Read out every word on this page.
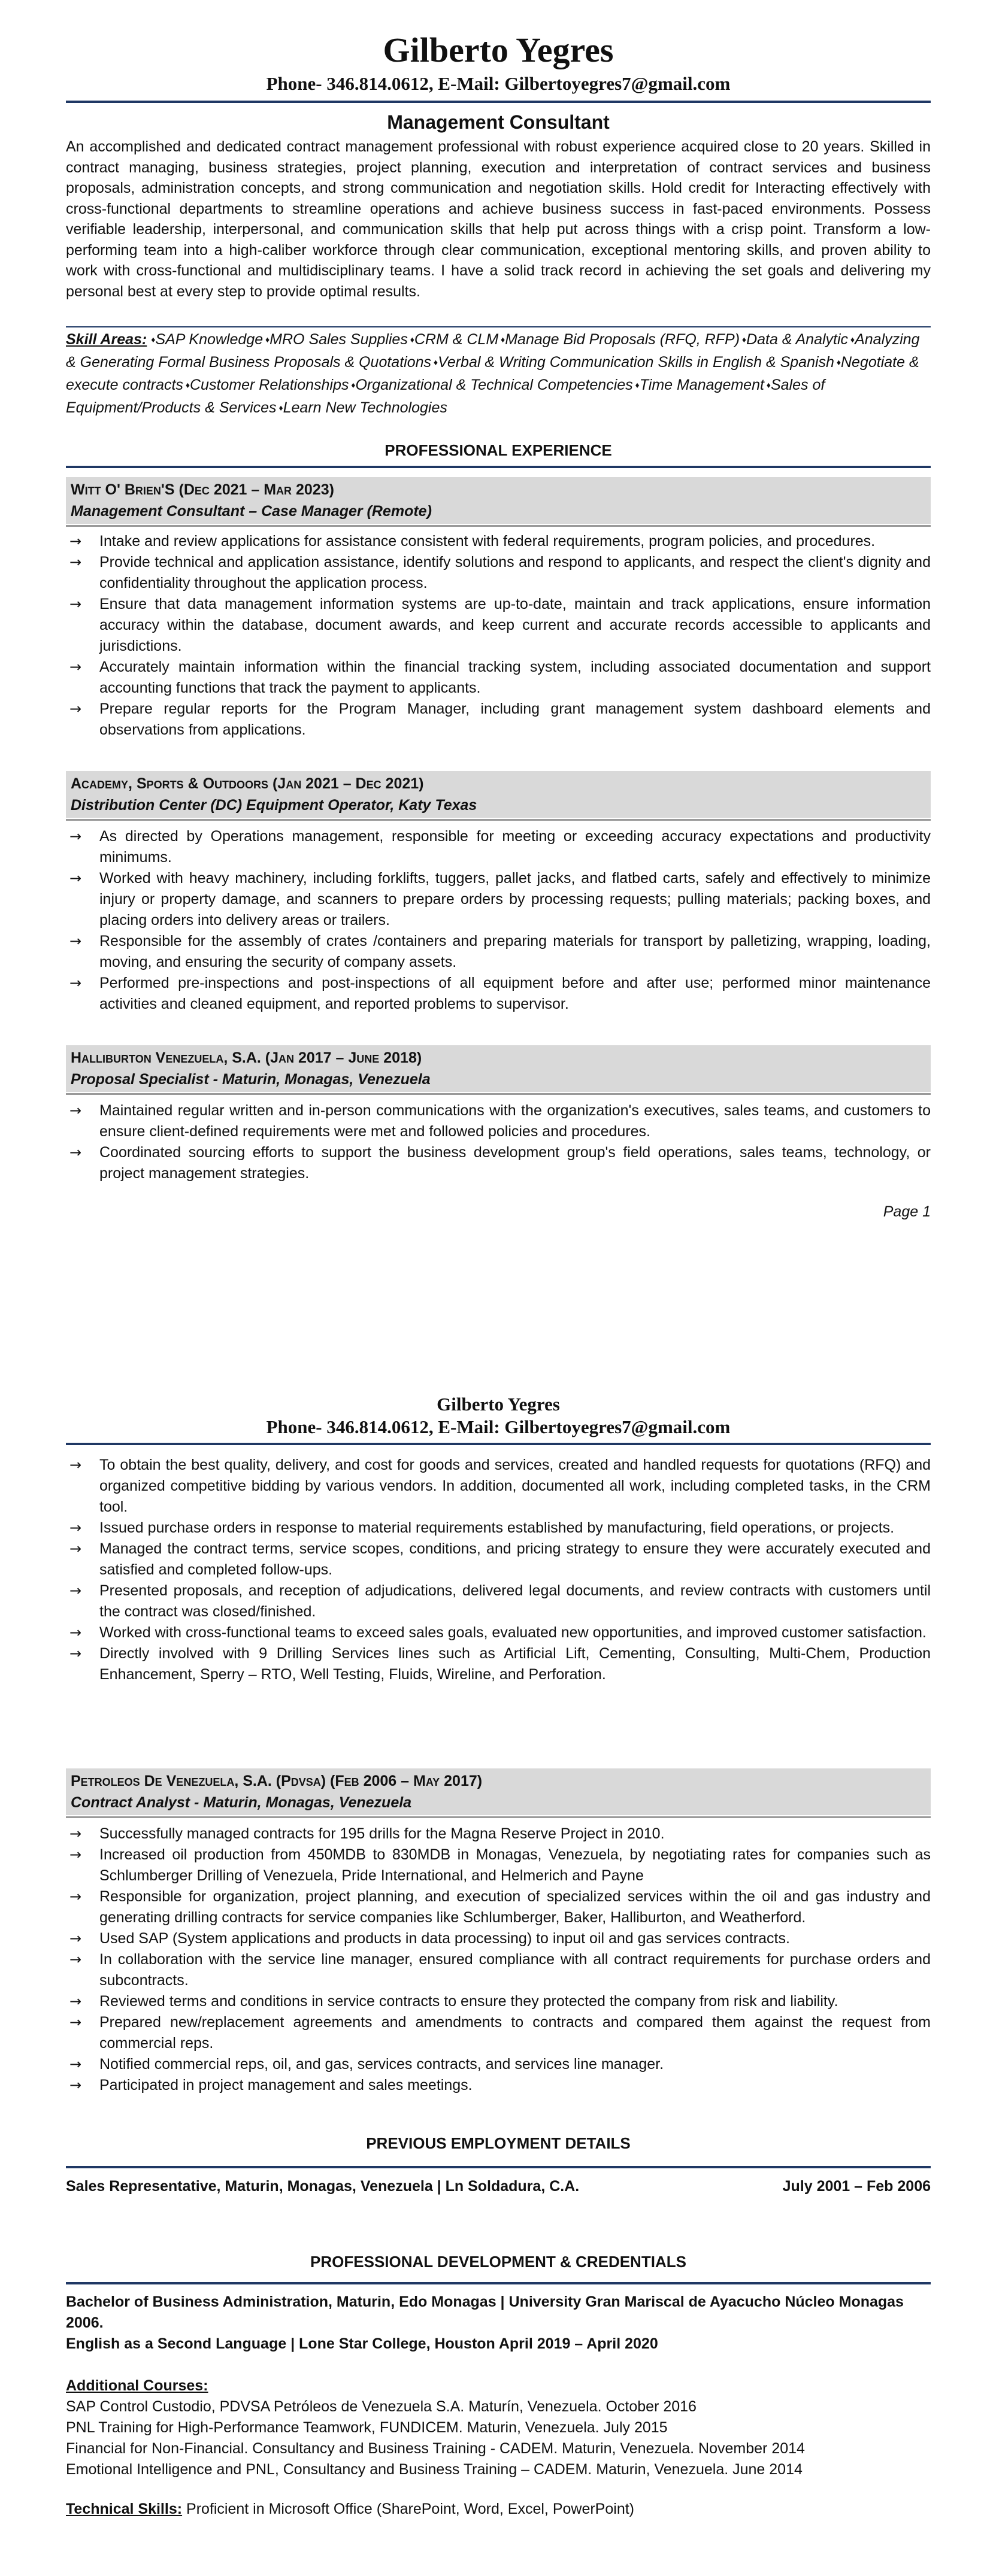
Gilberto Yegres
Phone- 346.814.0612, E-Mail: Gilbertoyegres7@gmail.com
Management Consultant
An accomplished and dedicated contract management professional with robust experience acquired close to 20 years. Skilled in contract managing, business strategies, project planning, execution and interpretation of contract services and business proposals, administration concepts, and strong communication and negotiation skills. Hold credit for Interacting effectively with cross-functional departments to streamline operations and achieve business success in fast-paced environments. Possess verifiable leadership, interpersonal, and communication skills that help put across things with a crisp point. Transform a low-performing team into a high-caliber workforce through clear communication, exceptional mentoring skills, and proven ability to work with cross-functional and multidisciplinary teams. I have a solid track record in achieving the set goals and delivering my personal best at every step to provide optimal results.
Skill Areas: ♦SAP Knowledge ♦MRO Sales Supplies ♦CRM & CLM ♦Manage Bid Proposals (RFQ, RFP) ♦Data & Analytic ♦Analyzing & Generating Formal Business Proposals & Quotations ♦Verbal & Writing Communication Skills in English & Spanish ♦Negotiate & execute contracts ♦Customer Relationships ♦Organizational & Technical Competencies ♦Time Management ♦Sales of Equipment/Products & Services ♦Learn New Technologies
PROFESSIONAL EXPERIENCE
Witt O' Brien'S (Dec 2021 – Mar 2023)
Management Consultant – Case Manager (Remote)
→ Intake and review applications for assistance consistent with federal requirements, program policies, and procedures.
→ Provide technical and application assistance, identify solutions and respond to applicants, and respect the client's dignity and confidentiality throughout the application process.
→ Ensure that data management information systems are up-to-date, maintain and track applications, ensure information accuracy within the database, document awards, and keep current and accurate records accessible to applicants and jurisdictions.
→ Accurately maintain information within the financial tracking system, including associated documentation and support accounting functions that track the payment to applicants.
→ Prepare regular reports for the Program Manager, including grant management system dashboard elements and observations from applications.
Academy, Sports & Outdoors (Jan 2021 – Dec 2021)
Distribution Center (DC) Equipment Operator, Katy Texas
→ As directed by Operations management, responsible for meeting or exceeding accuracy expectations and productivity minimums.
→ Worked with heavy machinery, including forklifts, tuggers, pallet jacks, and flatbed carts, safely and effectively to minimize injury or property damage, and scanners to prepare orders by processing requests; pulling materials; packing boxes, and placing orders into delivery areas or trailers.
→ Responsible for the assembly of crates /containers and preparing materials for transport by palletizing, wrapping, loading, moving, and ensuring the security of company assets.
→ Performed pre-inspections and post-inspections of all equipment before and after use; performed minor maintenance activities and cleaned equipment, and reported problems to supervisor.
Halliburton Venezuela, S.A. (Jan 2017 – June 2018)
Proposal Specialist - Maturin, Monagas, Venezuela
→ Maintained regular written and in-person communications with the organization's executives, sales teams, and customers to ensure client-defined requirements were met and followed policies and procedures.
→ Coordinated sourcing efforts to support the business development group's field operations, sales teams, technology, or project management strategies.
Page 1
Gilberto Yegres
Phone- 346.814.0612, E-Mail: Gilbertoyegres7@gmail.com
→ To obtain the best quality, delivery, and cost for goods and services, created and handled requests for quotations (RFQ) and organized competitive bidding by various vendors. In addition, documented all work, including completed tasks, in the CRM tool.
→ Issued purchase orders in response to material requirements established by manufacturing, field operations, or projects.
→ Managed the contract terms, service scopes, conditions, and pricing strategy to ensure they were accurately executed and satisfied and completed follow-ups.
→ Presented proposals, and reception of adjudications, delivered legal documents, and review contracts with customers until the contract was closed/finished.
→ Worked with cross-functional teams to exceed sales goals, evaluated new opportunities, and improved customer satisfaction.
→ Directly involved with 9 Drilling Services lines such as Artificial Lift, Cementing, Consulting, Multi-Chem, Production Enhancement, Sperry – RTO, Well Testing, Fluids, Wireline, and Perforation.
Petroleos De Venezuela, S.A. (Pdvsa) (Feb 2006 – May 2017)
Contract Analyst - Maturin, Monagas, Venezuela
→ Successfully managed contracts for 195 drills for the Magna Reserve Project in 2010.
→ Increased oil production from 450MDB to 830MDB in Monagas, Venezuela, by negotiating rates for companies such as Schlumberger Drilling of Venezuela, Pride International, and Helmerich and Payne
→ Responsible for organization, project planning, and execution of specialized services within the oil and gas industry and generating drilling contracts for service companies like Schlumberger, Baker, Halliburton, and Weatherford.
→ Used SAP (System applications and products in data processing) to input oil and gas services contracts.
→ In collaboration with the service line manager, ensured compliance with all contract requirements for purchase orders and subcontracts.
→ Reviewed terms and conditions in service contracts to ensure they protected the company from risk and liability.
→ Prepared new/replacement agreements and amendments to contracts and compared them against the request from commercial reps.
→ Notified commercial reps, oil, and gas, services contracts, and services line manager.
→ Participated in project management and sales meetings.
PREVIOUS EMPLOYMENT DETAILS
Sales Representative, Maturin, Monagas, Venezuela | Ln Soldadura, C.A.	July 2001 – Feb 2006
PROFESSIONAL DEVELOPMENT & CREDENTIALS
Bachelor of Business Administration, Maturin, Edo Monagas | University Gran Mariscal de Ayacucho Núcleo Monagas 2006.
English as a Second Language | Lone Star College, Houston April 2019 – April 2020
Additional Courses:
SAP Control Custodio, PDVSA Petróleos de Venezuela S.A. Maturín, Venezuela. October 2016
PNL Training for High-Performance Teamwork, FUNDICEM. Maturin, Venezuela. July 2015
Financial for Non-Financial. Consultancy and Business Training - CADEM. Maturin, Venezuela. November 2014
Emotional Intelligence and PNL, Consultancy and Business Training – CADEM. Maturin, Venezuela. June 2014
Technical Skills: Proficient in Microsoft Office (SharePoint, Word, Excel, PowerPoint)
